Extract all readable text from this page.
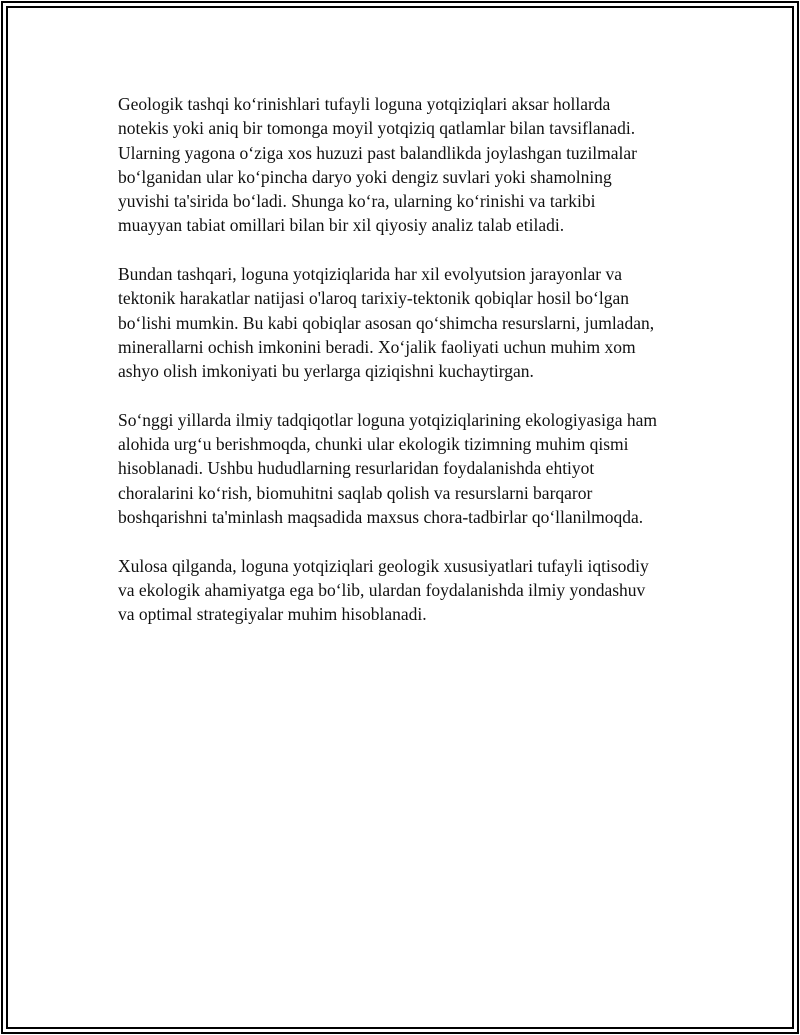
Geologik tashqi koʻrinishlari tufayli loguna yotqiziqlari aksar hollarda
notekis yoki aniq bir tomonga moyil yotqiziq qatlamlar bilan tavsiflanadi.
Ularning yagona oʻziga xos huzuzi past balandlikda joylashgan tuzilmalar
boʻlganidan ular koʻpincha daryo yoki dengiz suvlari yoki shamolning
yuvishi ta'sirida boʻladi. Shunga koʻra, ularning koʻrinishi va tarkibi
muayyan tabiat omillari bilan bir xil qiyosiy analiz talab etiladi.

Bundan tashqari, loguna yotqiziqlarida har xil evolyutsion jarayonlar va
tektonik harakatlar natijasi o'laroq tarixiy-tektonik qobiqlar hosil boʻlgan
boʻlishi mumkin. Bu kabi qobiqlar asosan qoʻshimcha resurslarni, jumladan,
minerallarni ochish imkonini beradi. Xoʻjalik faoliyati uchun muhim xom
ashyo olish imkoniyati bu yerlarga qiziqishni kuchaytirgan.

Soʻnggi yillarda ilmiy tadqiqotlar loguna yotqiziqlarining ekologiyasiga ham
alohida urgʻu berishmoqda, chunki ular ekologik tizimning muhim qismi
hisoblanadi. Ushbu hududlarning resurlaridan foydalanishda ehtiyot
choralarini koʻrish, biomuhitni saqlab qolish va resurslarni barqaror
boshqarishni ta'minlash maqsadida maxsus chora-tadbirlar qoʻllanilmoqda.

Xulosa qilganda, loguna yotqiziqlari geologik xususiyatlari tufayli iqtisodiy
va ekologik ahamiyatga ega boʻlib, ulardan foydalanishda ilmiy yondashuv
va optimal strategiyalar muhim hisoblanadi.
